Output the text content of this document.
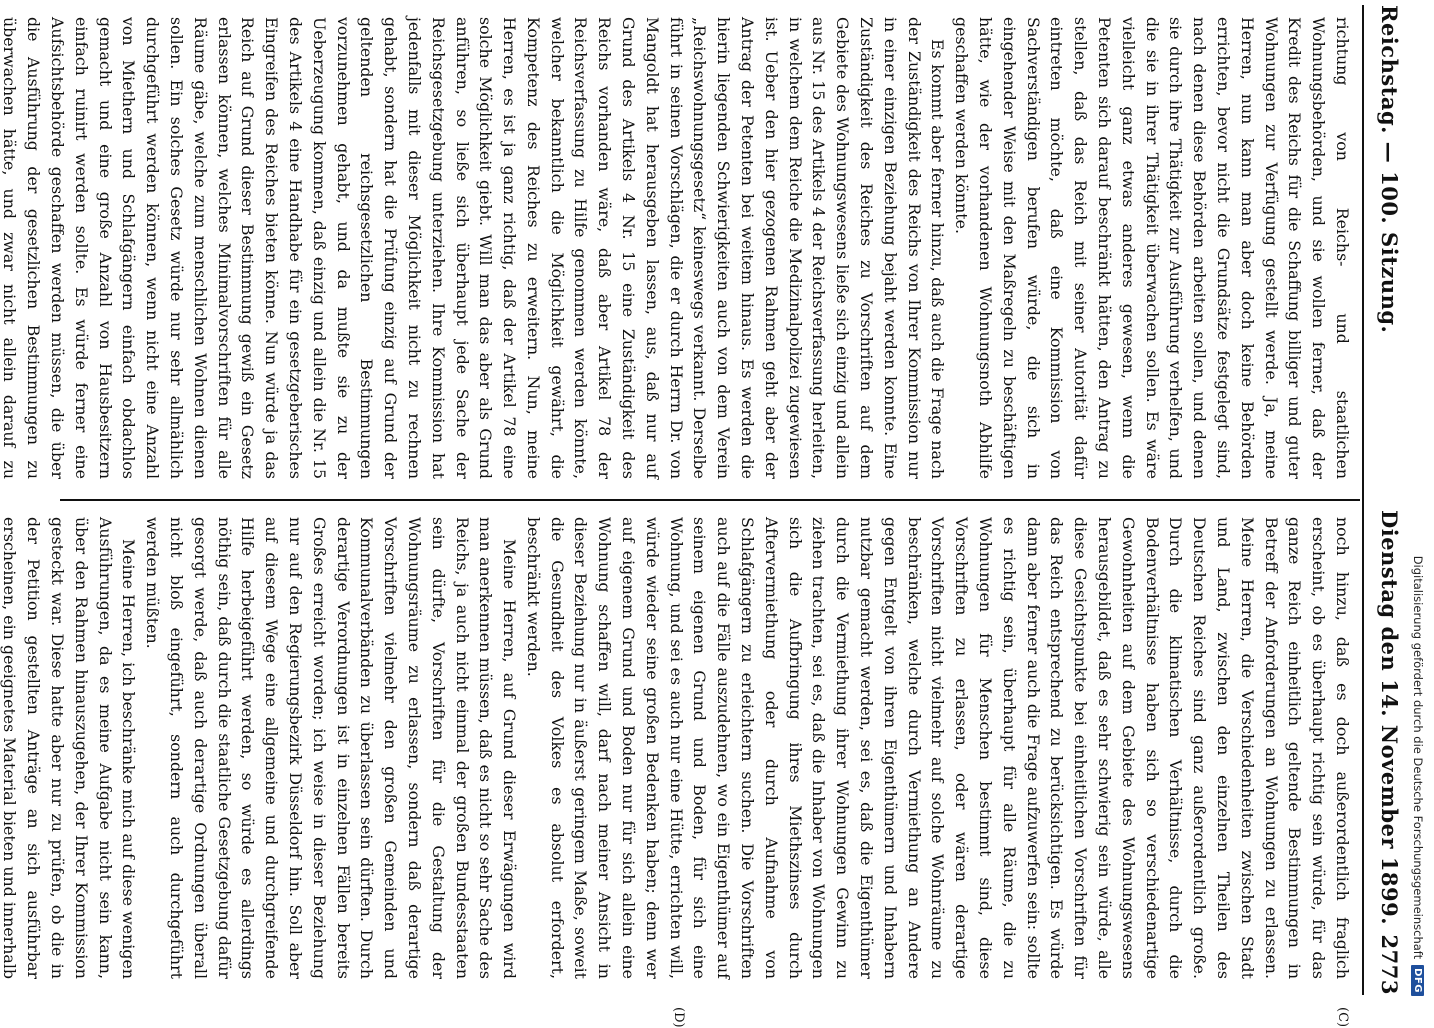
Reichstag. — 100. Sitzung.
Dienstag den 14. November 1899.
2773
(C)
(D)

richtung von Reichs- und staatlichen Wohnungsbehörden, und sie wollen ferner, daß der Kredit des Reichs für die Schaffung billiger und guter Wohnungen zur Verfügung gestellt werde. Ja, meine Herren, nun kann man aber doch keine Behörden errichten, bevor nicht die Grundsätze festgelegt sind, nach denen diese Behörden arbeiten sollen, und denen sie durch ihre Thätigkeit zur Ausführung verhelfen, und die sie in ihrer Thätigkeit überwachen sollen. Es wäre vielleicht ganz etwas anderes gewesen, wenn die Petenten sich darauf beschränkt hätten, den Antrag zu stellen, daß das Reich mit seiner Autorität dafür eintreten möchte, daß eine Kommission von Sachverständigen berufen würde, die sich in eingehender Weise mit den Maßregeln zu beschäftigen hätte, wie der vorhandenen Wohnungsnoth Abhilfe geschaffen werden könnte.

Es kommt aber ferner hinzu, daß auch die Frage nach der Zuständigkeit des Reichs von Ihrer Kommission nur in einer einzigen Beziehung bejaht werden konnte. Eine Zuständigkeit des Reiches zu Vorschriften auf dem Gebiete des Wohnungswesens ließe sich einzig und allein aus Nr. 15 des Artikels 4 der Reichsverfassung herleiten, in welchem dem Reiche die Medizinalpolizei zugewiesen ist. Ueber den hier gezogenen Rahmen geht aber der Antrag der Petenten bei weitem hinaus. Es werden die hierin liegenden Schwierigkeiten auch von dem Verein „Reichswohnungsgesetz“ keineswegs verkannt. Derselbe führt in seinen Vorschlägen, die er durch Herrn Dr. von Mangoldt hat herausgeben lassen, aus, daß nur auf Grund des Artikels 4 Nr. 15 eine Zuständigkeit des Reichs vorhanden wäre, daß aber Artikel 78 der Reichsverfassung zu Hilfe genommen werden könnte, welcher bekanntlich die Möglichkeit gewährt, die Kompetenz des Reiches zu erweitern. Nun, meine Herren, es ist ja ganz richtig, daß der Artikel 78 eine solche Möglichkeit giebt. Will man das aber als Grund anführen, so ließe sich überhaupt jede Sache der Reichsgesetzgebung unterziehen. Ihre Kommission hat jedenfalls mit dieser Möglichkeit nicht zu rechnen gehabt, sondern hat die Prüfung einzig auf Grund der geltenden reichsgesetzlichen Bestimmungen vorzunehmen gehabt, und da mußte sie zu der Ueberzeugung kommen, daß einzig und allein die Nr. 15 des Artikels 4 eine Handhabe für ein gesetzgeberisches Eingreifen des Reiches bieten könne. Nun würde ja das Reich auf Grund dieser Bestimmung gewiß ein Gesetz erlassen können, welches Minimalvorschriften für alle Räume gäbe, welche zum menschlichen Wohnen dienen sollen. Ein solches Gesetz würde nur sehr allmählich durchgeführt werden können, wenn nicht eine Anzahl von Miethern und Schlafgängern einfach obdachlos gemacht und eine große Anzahl von Hausbesitzern einfach ruinirt werden sollte. Es würde ferner eine Aufsichtsbehörde geschaffen werden müssen, die über die Ausführung der gesetzlichen Bestimmungen zu überwachen hätte, und zwar nicht allein darauf zu

noch hinzu, daß es doch außerordentlich fraglich erscheint, ob es überhaupt richtig sein würde, für das ganze Reich einheitlich geltende Bestimmungen in Betreff der Anforderungen an Wohnungen zu erlassen. Meine Herren, die Verschiedenheiten zwischen Stadt und Land, zwischen den einzelnen Theilen des Deutschen Reiches sind ganz außerordentlich große. Durch die klimatischen Verhältnisse, durch die Bodenverhältnisse haben sich so verschiedenartige Gewohnheiten auf dem Gebiete des Wohnungswesens herausgebildet, daß es sehr schwierig sein würde, alle diese Gesichtspunkte bei einheitlichen Vorschriften für das Reich entsprechend zu berücksichtigen. Es würde dann aber ferner auch die Frage aufzuwerfen sein: sollte es richtig sein, überhaupt für alle Räume, die zu Wohnungen für Menschen bestimmt sind, diese Vorschriften zu erlassen, oder wären derartige Vorschriften nicht vielmehr auf solche Wohnräume zu beschränken, welche durch Vermiethung an Andere gegen Entgelt von ihren Eigenthümern und Inhabern nutzbar gemacht werden, sei es, daß die Eigenthümer durch die Vermiethung ihrer Wohnungen Gewinn zu ziehen trachten, sei es, daß die Inhaber von Wohnungen sich die Aufbringung ihres Miethszinses durch Aftervermiethung oder durch Aufnahme von Schlafgängern zu erleichtern suchen. Die Vorschriften auch auf die Fälle auszudehnen, wo ein Eigenthümer auf seinem eigenen Grund und Boden, für sich eine Wohnung, und sei es auch nur eine Hütte, errichten will, würde wieder seine großen Bedenken haben; denn wer auf eigenem Grund und Boden nur für sich allein eine Wohnung schaffen will, darf nach meiner Ansicht in dieser Beziehung nur in äußerst geringem Maße, soweit die Gesundheit des Volkes es absolut erfordert, beschränkt werden.

Meine Herren, auf Grund dieser Erwägungen wird man anerkennen müssen, daß es nicht so sehr Sache des Reichs, ja auch nicht einmal der großen Bundesstaaten sein dürfte, Vorschriften für die Gestaltung der Wohnungsräume zu erlassen, sondern daß derartige Vorschriften vielmehr den großen Gemeinden und Kommunalverbänden zu überlassen sein dürften. Durch derartige Verordnungen ist in einzelnen Fällen bereits Großes erreicht worden; ich weise in dieser Beziehung nur auf den Regierungsbezirk Düsseldorf hin. Soll aber auf diesem Wege eine allgemeine und durchgreifende Hilfe herbeigeführt werden, so würde es allerdings nöthig sein, daß durch die staatliche Gesetzgebung dafür gesorgt werde, daß auch derartige Ordnungen überall nicht bloß eingeführt, sondern auch durchgeführt werden müßten.

Meine Herren, ich beschränke mich auf diese wenigen Ausführungen, da es meine Aufgabe nicht sein kann, über den Rahmen hinauszugehen, der Ihrer Kommission gesteckt war. Diese hatte aber nur zu prüfen, ob die in der Petition gestellten Anträge an sich ausführbar erscheinen, ein geeignetes Material bieten und innerhalb	Digitalisierung gefördert durch die Deutsche Forschungsgemeinschaft
DFG
